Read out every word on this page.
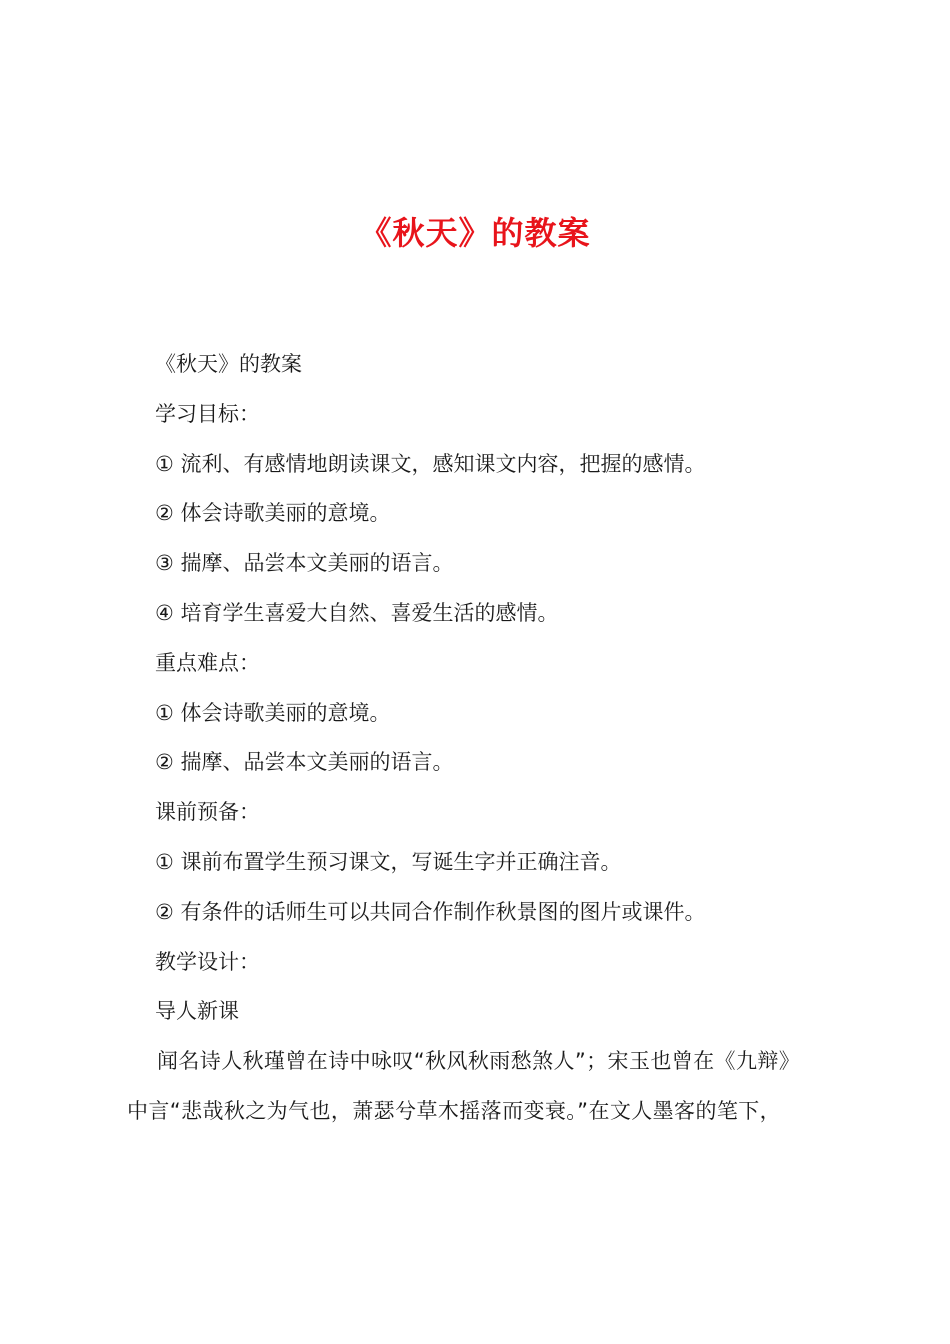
《秋天》的教案
《秋天》的教案
学习目标：
① 流利、有感情地朗读课文，感知课文内容，把握的感情。
② 体会诗歌美丽的意境。
③ 揣摩、品尝本文美丽的语言。
④ 培育学生喜爱大自然、喜爱生活的感情。
重点难点：
① 体会诗歌美丽的意境。
② 揣摩、品尝本文美丽的语言。
课前预备：
① 课前布置学生预习课文，写诞生字并正确注音。
② 有条件的话师生可以共同合作制作秋景图的图片或课件。
教学设计：
导人新课
闻名诗人秋瑾曾在诗中咏叹“秋风秋雨愁煞人”；宋玉也曾在《九辩》
中言“悲哉秋之为气也，萧瑟兮草木摇落而变衰。”在文人墨客的笔下，
